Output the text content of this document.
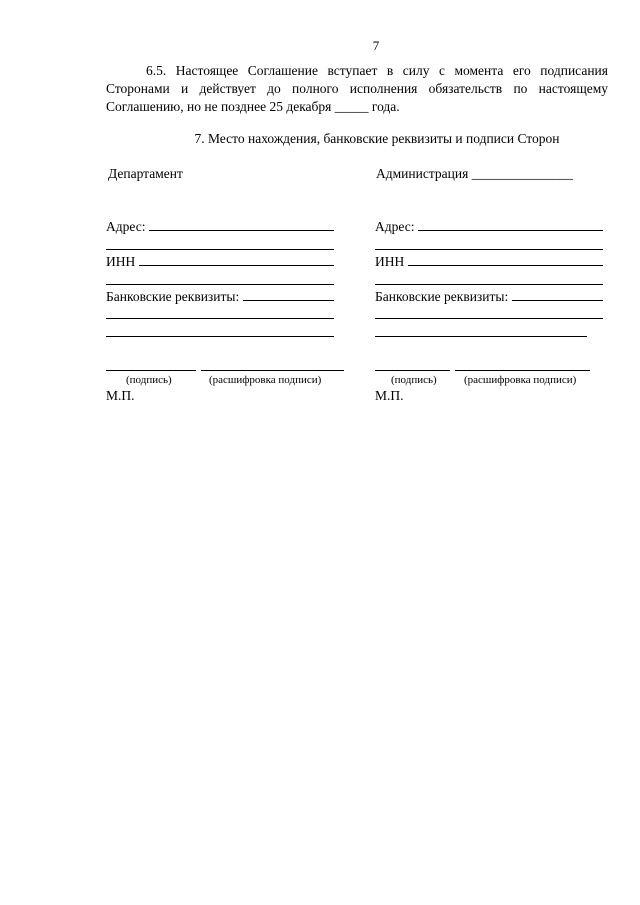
7
6.5. Настоящее Соглашение вступает в силу с момента его подписания
Сторонами и действует до полного исполнения обязательств по настоящему
Соглашению, но не позднее 25 декабря _____ года.
7. Место нахождения, банковские реквизиты и подписи Сторон
Департамент
Адрес:
ИНН
Банковские реквизиты:
(подпись)	(расшифровка подписи)
М.П.
Администрация _______________
Адрес:
ИНН
Банковские реквизиты:
(подпись) (расшифровка подписи)
М.П.
